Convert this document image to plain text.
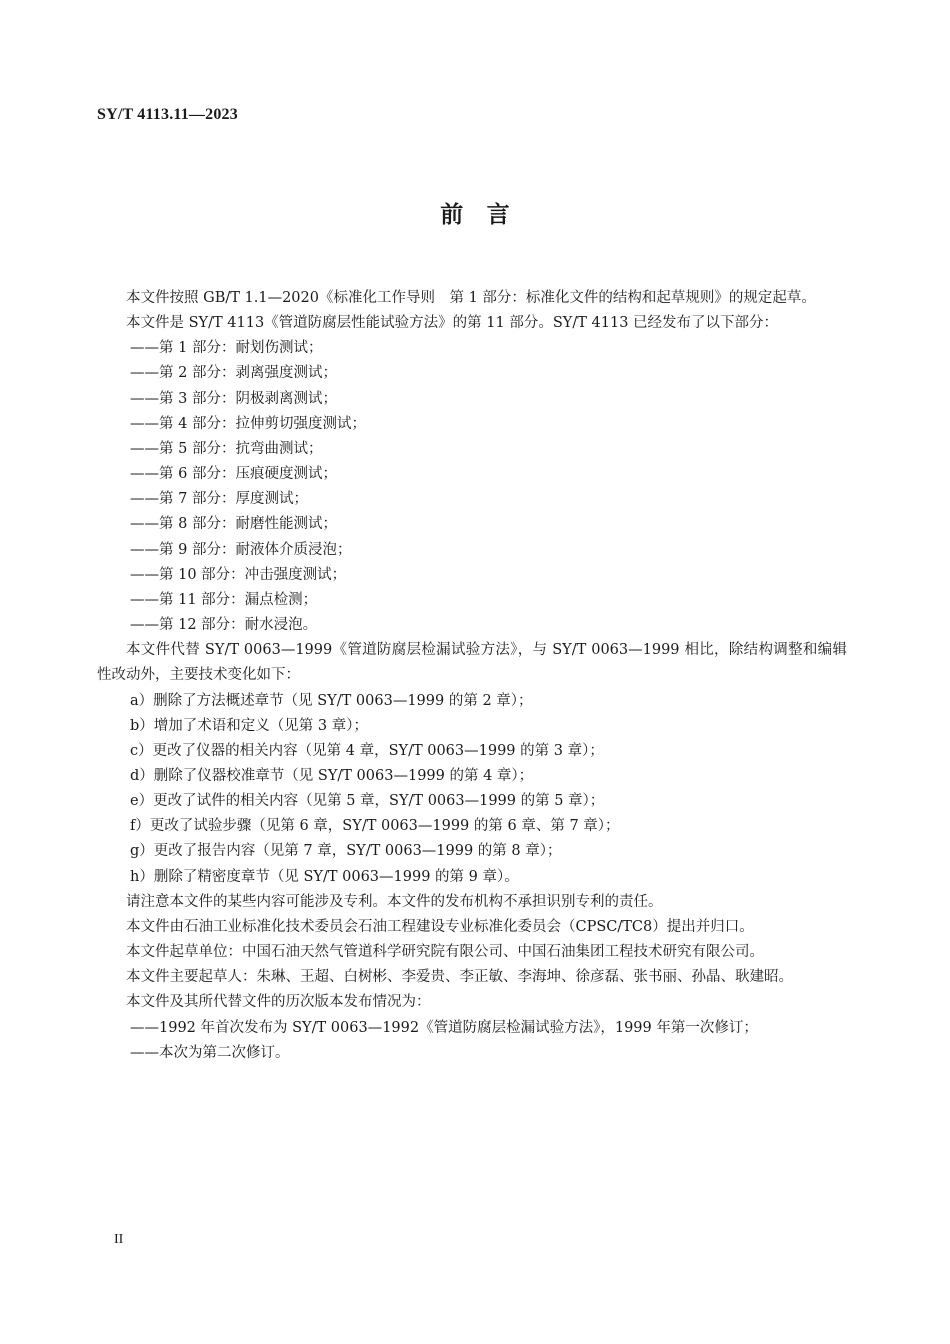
SY/T 4113.11—2023
前　言

本文件按照 GB/T 1.1—2020《标准化工作导则　第 1 部分：标准化文件的结构和起草规则》的规定起草。

本文件是 SY/T 4113《管道防腐层性能试验方法》的第 11 部分。SY/T 4113 已经发布了以下部分：

——第 1 部分：耐划伤测试；

——第 2 部分：剥离强度测试；

——第 3 部分：阴极剥离测试；

——第 4 部分：拉伸剪切强度测试；

——第 5 部分：抗弯曲测试；

——第 6 部分：压痕硬度测试；

——第 7 部分：厚度测试；

——第 8 部分：耐磨性能测试；

——第 9 部分：耐液体介质浸泡；

——第 10 部分：冲击强度测试；

——第 11 部分：漏点检测；

——第 12 部分：耐水浸泡。

本文件代替 SY/T 0063—1999《管道防腐层检漏试验方法》，与 SY/T 0063—1999 相比，除结构调整和编辑性改动外，主要技术变化如下：

a）删除了方法概述章节（见 SY/T 0063—1999 的第 2 章）；

b）增加了术语和定义（见第 3 章）；

c）更改了仪器的相关内容（见第 4 章，SY/T 0063—1999 的第 3 章）；

d）删除了仪器校准章节（见 SY/T 0063—1999 的第 4 章）；

e）更改了试件的相关内容（见第 5 章，SY/T 0063—1999 的第 5 章）；

f）更改了试验步骤（见第 6 章，SY/T 0063—1999 的第 6 章、第 7 章）；

g）更改了报告内容（见第 7 章，SY/T 0063—1999 的第 8 章）；

h）删除了精密度章节（见 SY/T 0063—1999 的第 9 章）。

请注意本文件的某些内容可能涉及专利。本文件的发布机构不承担识别专利的责任。

本文件由石油工业标准化技术委员会石油工程建设专业标准化委员会（CPSC/TC8）提出并归口。

本文件起草单位：中国石油天然气管道科学研究院有限公司、中国石油集团工程技术研究有限公司。

本文件主要起草人：朱琳、王超、白树彬、李爱贵、李正敏、李海坤、徐彦磊、张书丽、孙晶、耿建昭。

本文件及其所代替文件的历次版本发布情况为：

——1992 年首次发布为 SY/T 0063—1992《管道防腐层检漏试验方法》，1999 年第一次修订；

——本次为第二次修订。

II
